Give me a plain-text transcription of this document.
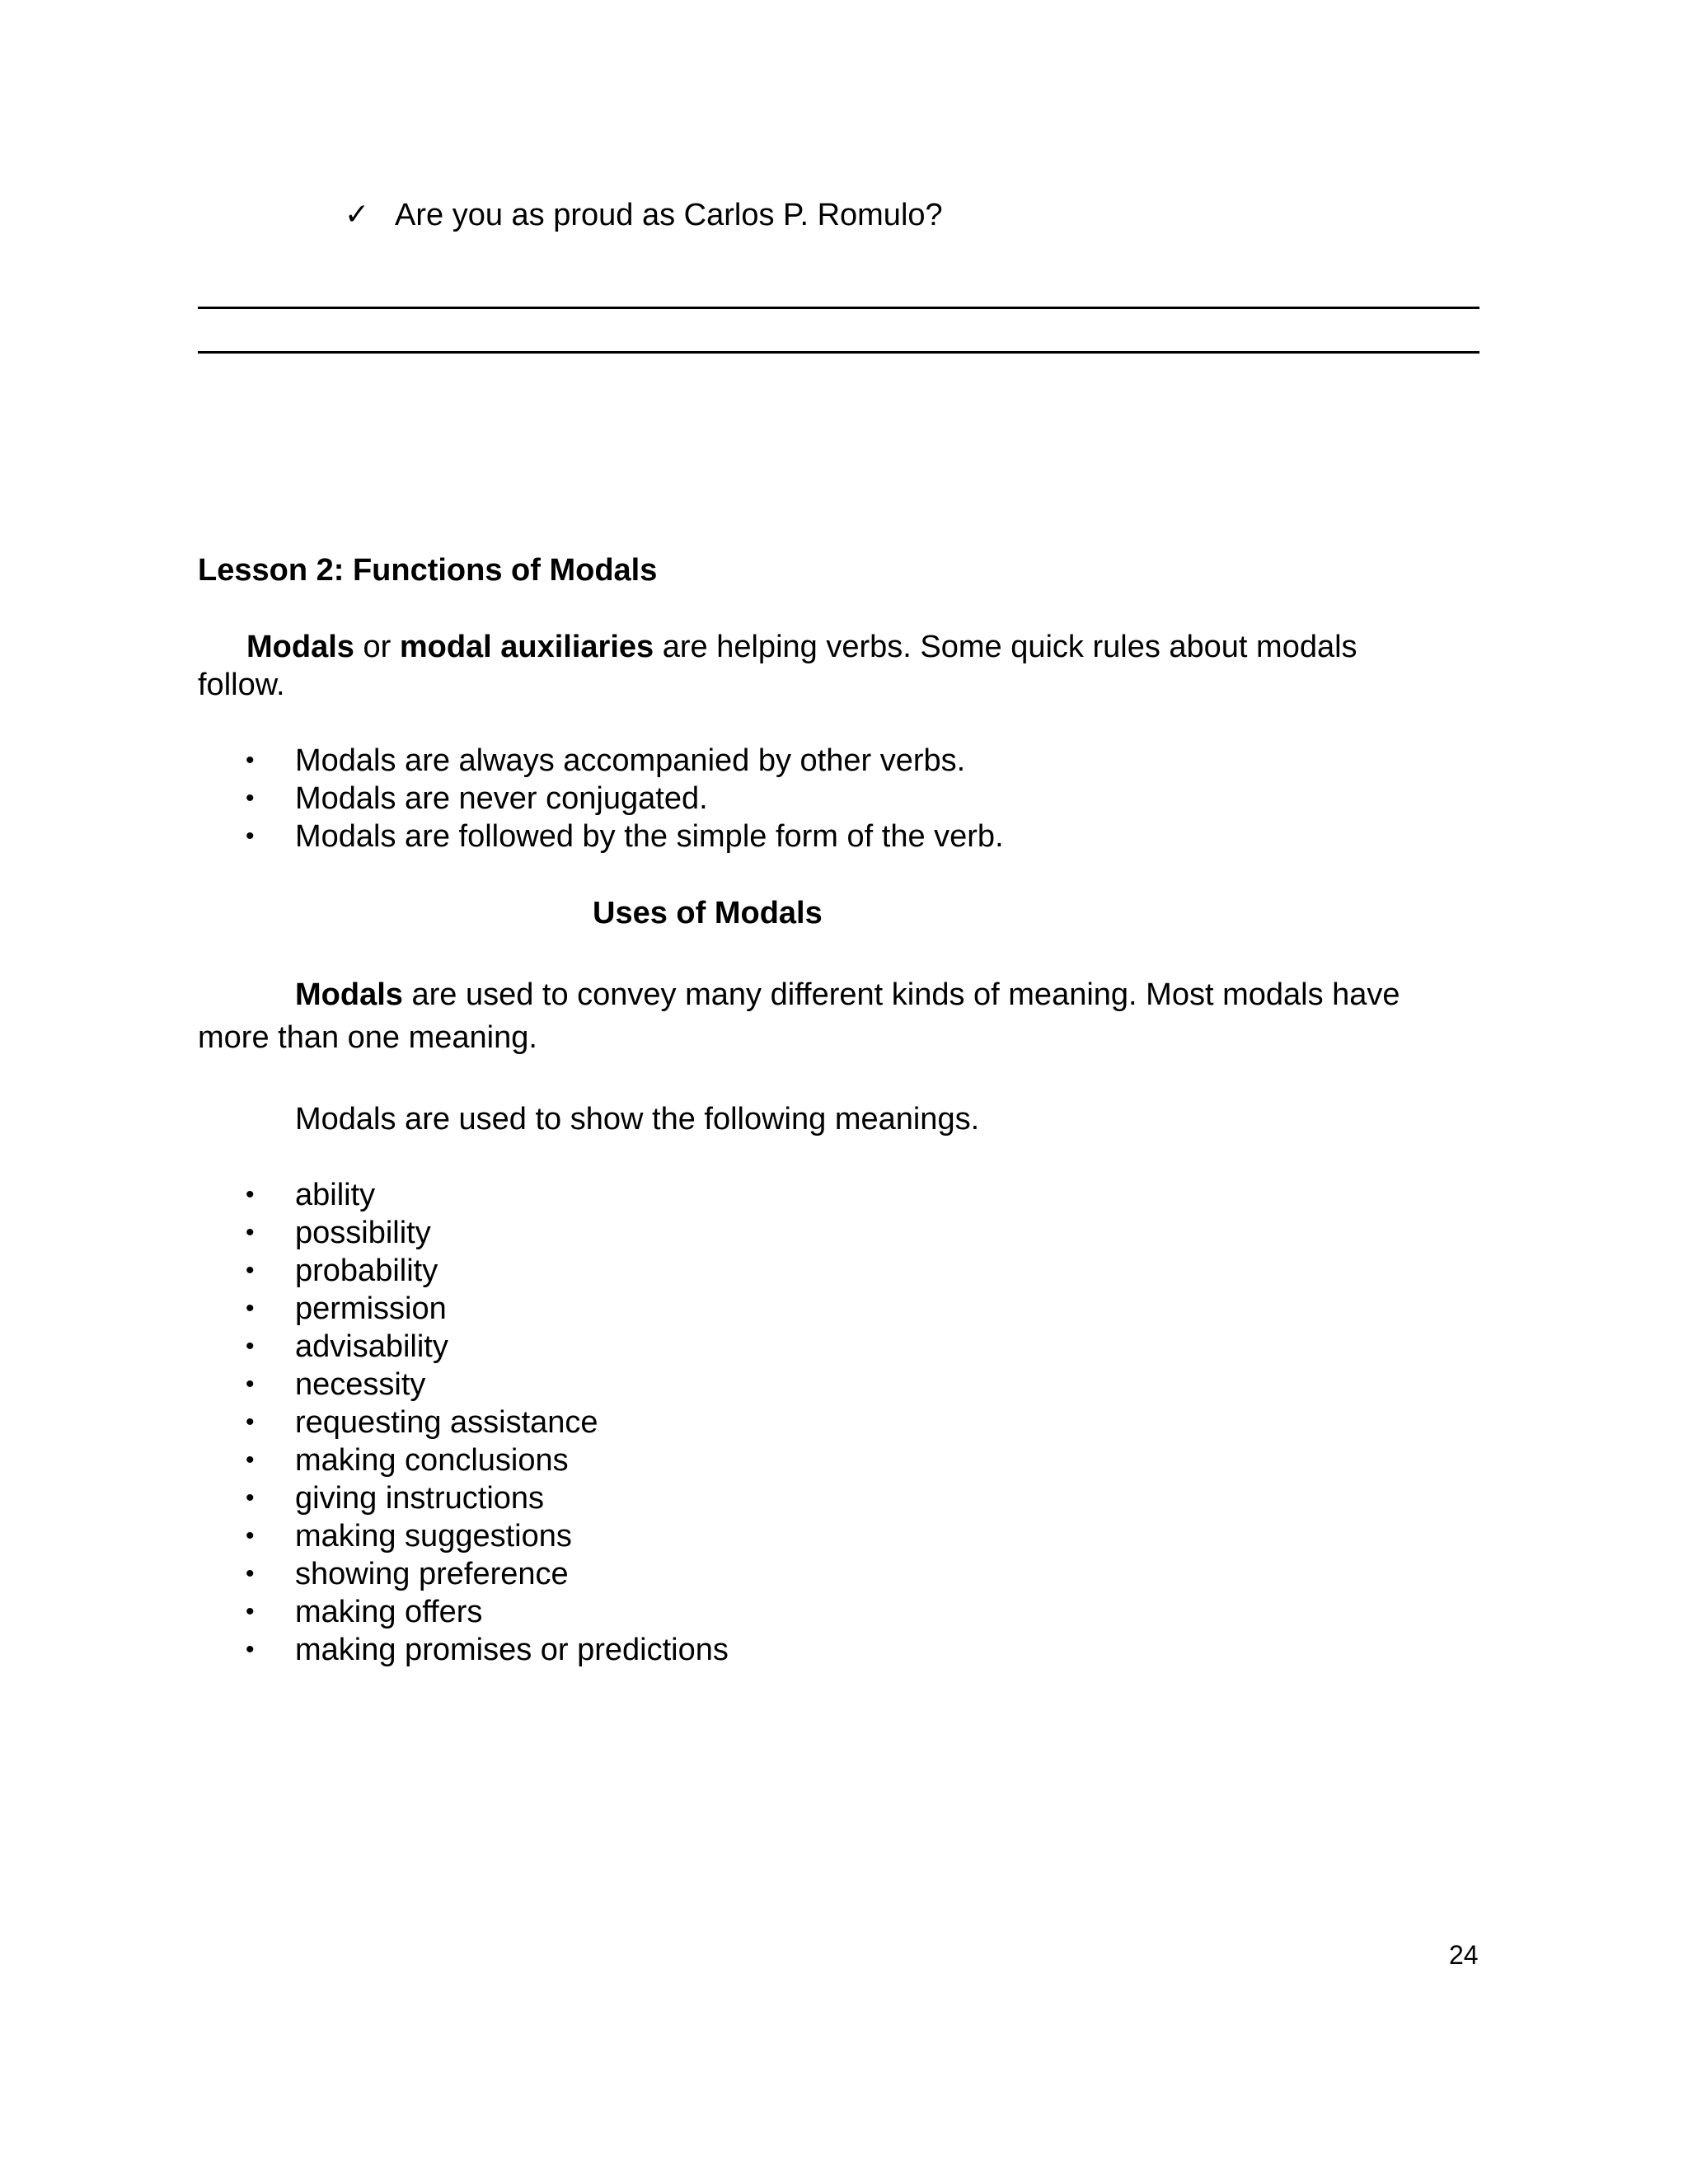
✓ Are you as proud as Carlos P. Romulo?
Lesson 2: Functions of Modals
Modals or modal auxiliaries are helping verbs. Some quick rules about modals
follow.
• Modals are always accompanied by other verbs.
• Modals are never conjugated.
• Modals are followed by the simple form of the verb.
Uses of Modals
Modals are used to convey many different kinds of meaning. Most modals have
more than one meaning.
Modals are used to show the following meanings.
• ability
• possibility
• probability
• permission
• advisability
• necessity
• requesting assistance
• making conclusions
• giving instructions
• making suggestions
• showing preference
• making offers
• making promises or predictions
24
